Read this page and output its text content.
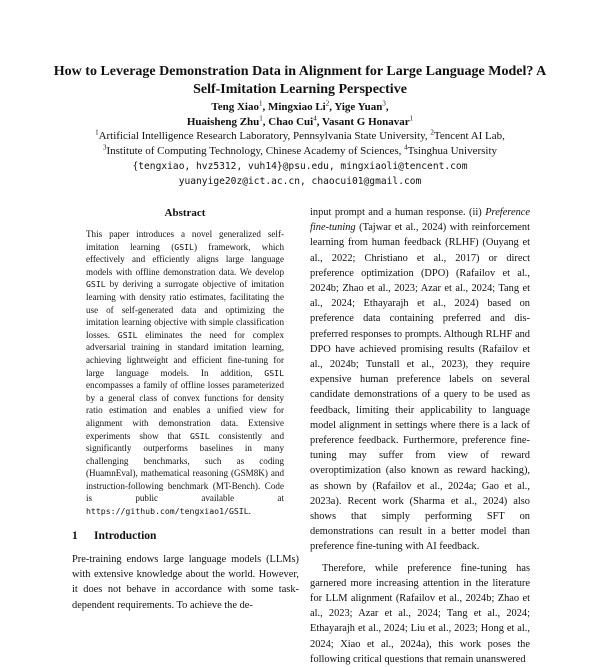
How to Leverage Demonstration Data in Alignment for Large Language Model? A Self-Imitation Learning Perspective
Teng Xiao$^1$, Mingxiao Li$^2$, Yige Yuan$^3$,
Huaisheng Zhu$^1$, Chao Cui$^4$, Vasant G Honavar$^1$
$^1$Artificial Intelligence Research Laboratory, Pennsylvania State University, $^2$Tencent AI Lab,
$^3$Institute of Computing Technology, Chinese Academy of Sciences, $^4$Tsinghua University
{tengxiao, hvz5312, vuh14}@psu.edu, mingxiaoli@tencent.com
yuanyige20z@ict.ac.cn, chaocui01@gmail.com
Abstract
This paper introduces a novel generalized self-imitation learning (GSIL) framework, which effectively and efficiently aligns large language models with offline demonstration data. We develop GSIL by deriving a surrogate objective of imitation learning with density ratio estimates, facilitating the use of self-generated data and optimizing the imitation learning objective with simple classification losses. GSIL eliminates the need for complex adversarial training in standard imitation learning, achieving lightweight and efficient fine-tuning for large language models. In addition, GSIL encompasses a family of offline losses parameterized by a general class of convex functions for density ratio estimation and enables a unified view for alignment with demonstration data. Extensive experiments show that GSIL consistently and significantly outperforms baselines in many challenging benchmarks, such as coding (HuamnEval), mathematical reasoning (GSM8K) and instruction-following benchmark (MT-Bench). Code is public available at https://github.com/tengxiao1/GSIL.
1 Introduction
Pre-training endows large language models (LLMs) with extensive knowledge about the world. However, it does not behave in accordance with some task-dependent requirements. To achieve the de-

input prompt and a human response. (ii) Preference fine-tuning (Tajwar et al., 2024) with reinforcement learning from human feedback (RLHF) (Ouyang et al., 2022; Christiano et al., 2017) or direct preference optimization (DPO) (Rafailov et al., 2024b; Zhao et al., 2023; Azar et al., 2024; Tang et al., 2024; Ethayarajh et al., 2024) based on preference data containing preferred and dis-preferred responses to prompts. Although RLHF and DPO have achieved promising results (Rafailov et al., 2024b; Tunstall et al., 2023), they require expensive human preference labels on several candidate demonstrations of a query to be used as feedback, limiting their applicability to language model alignment in settings where there is a lack of preference feedback. Furthermore, preference fine-tuning may suffer from view of reward overoptimization (also known as reward hacking), as shown by (Rafailov et al., 2024a; Gao et al., 2023a). Recent work (Sharma et al., 2024) also shows that simply performing SFT on demonstrations can result in a better model than preference fine-tuning with AI feedback.

Therefore, while preference fine-tuning has garnered more increasing attention in the literature for LLM alignment (Rafailov et al., 2024b; Zhao et al., 2023; Azar et al., 2024; Tang et al., 2024; Ethayarajh et al., 2024; Liu et al., 2023; Hong et al., 2024; Xiao et al., 2024a), this work poses the following critical questions that remain unanswered
